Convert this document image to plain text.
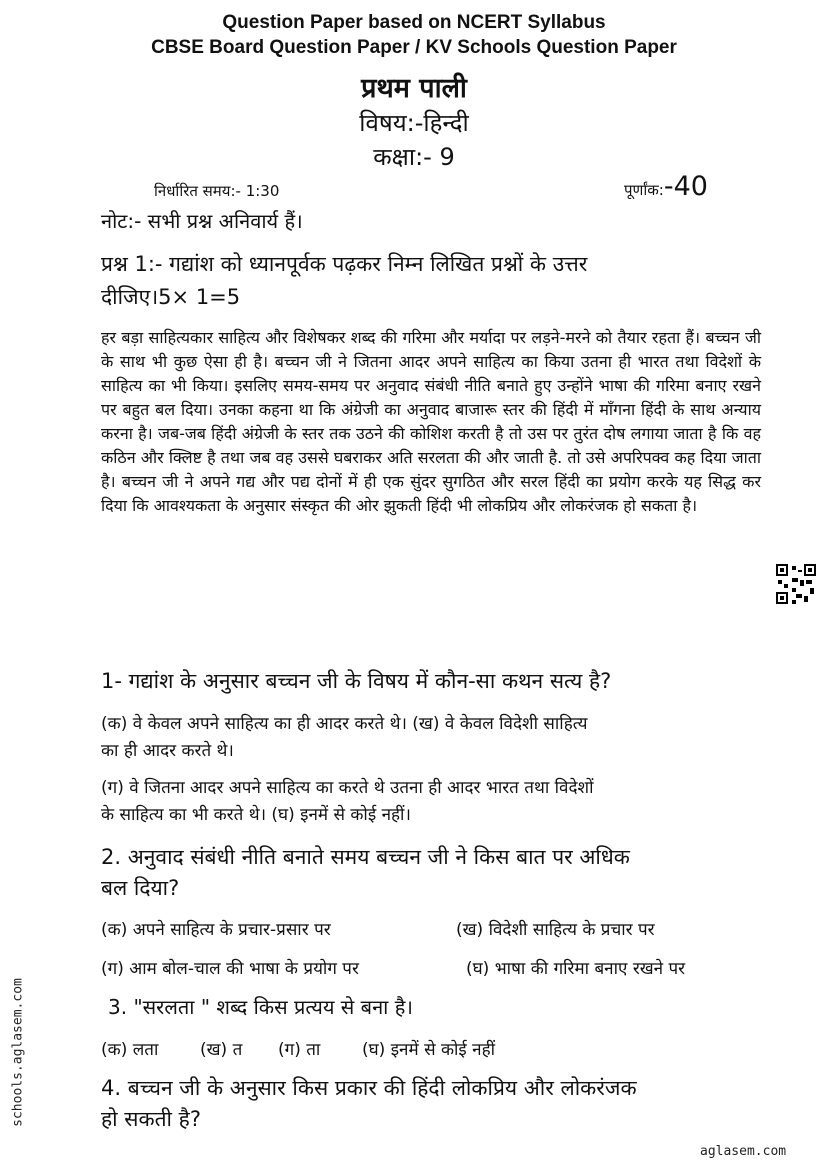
Question Paper based on NCERT Syllabus
CBSE Board Question Paper / KV Schools Question Paper
प्रथम पाली
विषय:-हिन्दी
कक्षा:- 9
निर्धारित समय:- 1:30	पूर्णांक:-40
नोट:- सभी प्रश्न अनिवार्य हैं।
प्रश्न 1:- गद्यांश को ध्यानपूर्वक पढ़कर निम्न लिखित प्रश्नों के उत्तर
दीजिए।5× 1=5
हर बड़ा साहित्यकार साहित्य और विशेषकर शब्द की गरिमा और मर्यादा पर लड़ने-मरने को तैयार रहता हैं। बच्चन जी के साथ भी कुछ ऐसा ही है। बच्चन जी ने जितना आदर अपने साहित्य का किया उतना ही भारत तथा विदेशों के साहित्य का भी किया। इसलिए समय-समय पर अनुवाद संबंधी नीति बनाते हुए उन्होंने भाषा की गरिमा बनाए रखने पर बहुत बल दिया। उनका कहना था कि अंग्रेजी का अनुवाद बाजारू स्तर की हिंदी में माँगना हिंदी के साथ अन्याय करना है। जब-जब हिंदी अंग्रेजी के स्तर तक उठने की कोशिश करती है तो उस पर तुरंत दोष लगाया जाता है कि वह कठिन और क्लिष्ट है तथा जब वह उससे घबराकर अति सरलता की और जाती है. तो उसे अपरिपक्व कह दिया जाता है। बच्चन जी ने अपने गद्य और पद्य दोनों में ही एक सुंदर सुगठित और सरल हिंदी का प्रयोग करके यह सिद्ध कर दिया कि आवश्यकता के अनुसार संस्कृत की ओर झुकती हिंदी भी लोकप्रिय और लोकरंजक हो सकता है।
1- गद्यांश के अनुसार बच्चन जी के विषय में कौन-सा कथन सत्य है?
(क) वे केवल अपने साहित्य का ही आदर करते थे। (ख) वे केवल विदेशी साहित्य
का ही आदर करते थे।
(ग) वे जितना आदर अपने साहित्य का करते थे उतना ही आदर भारत तथा विदेशों
के साहित्य का भी करते थे। (घ) इनमें से कोई नहीं।
2. अनुवाद संबंधी नीति बनाते समय बच्चन जी ने किस बात पर अधिक
बल दिया?
(क) अपने साहित्य के प्रचार-प्रसार पर	(ख) विदेशी साहित्य के प्रचार पर
(ग) आम बोल-चाल की भाषा के प्रयोग पर	(घ) भाषा की गरिमा बनाए रखने पर
3. "सरलता " शब्द किस प्रत्यय से बना है।
(क) लता (ख) त (ग) ता (घ) इनमें से कोई नहीं
4. बच्चन जी के अनुसार किस प्रकार की हिंदी लोकप्रिय और लोकरंजक
हो सकती है?
schools.aglasem.com
aglasem.com
